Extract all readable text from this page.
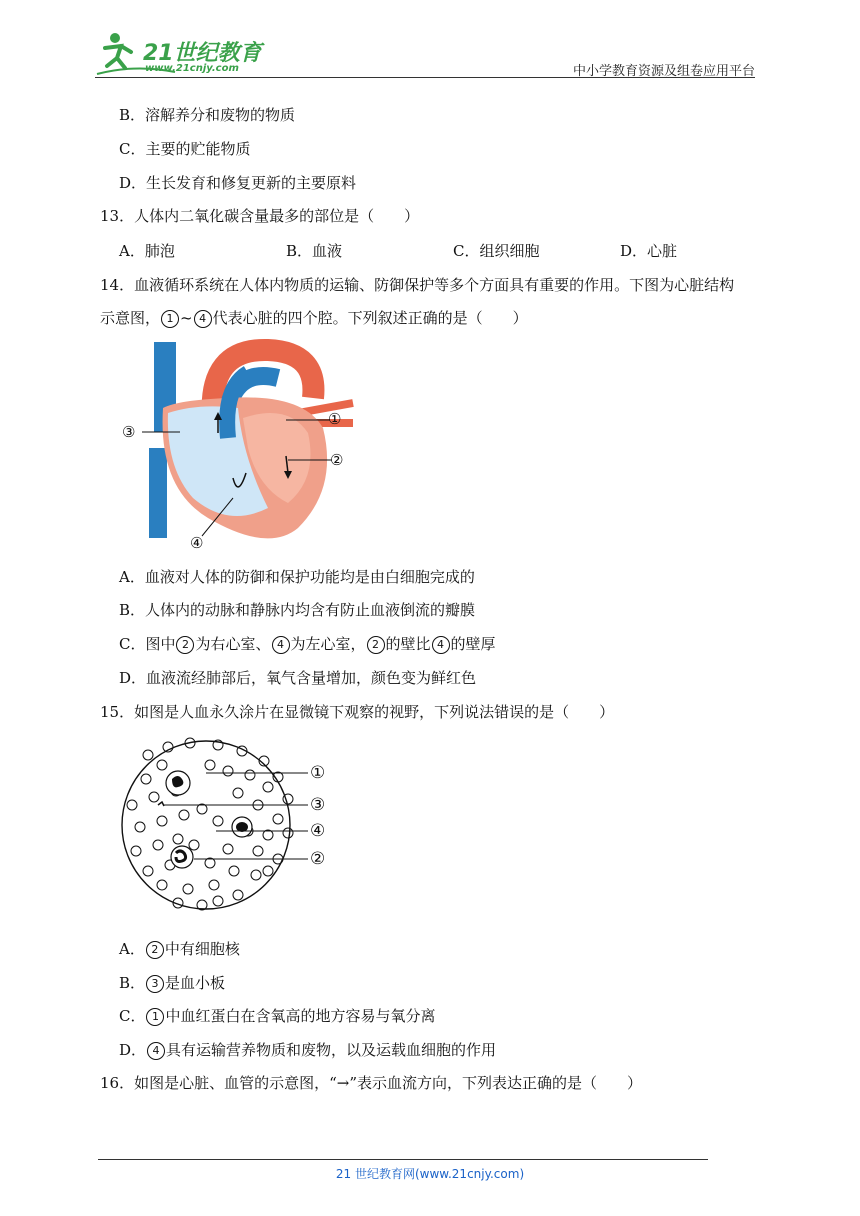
21世纪教育
www.21cnjy.com	中小学教育资源及组卷应用平台
B．溶解养分和废物的物质
C．主要的贮能物质
D．生长发育和修复更新的主要原料
13．人体内二氧化碳含量最多的部位是（　　）
A．肺泡	B．血液	C．组织细胞	D．心脏
14．血液循环系统在人体内物质的运输、防御保护等多个方面具有重要的作用。下图为心脏结构
示意图， 1 ~ 4 代表心脏的四个腔。下列叙述正确的是（　　）
①
②
③
④
A．血液对人体的防御和保护功能均是由白细胞完成的
B．人体内的动脉和静脉内均含有防止血液倒流的瓣膜
C．图中 2 为右心室、 4 为左心室， 2 的壁比 4 的壁厚
D．血液流经肺部后，氧气含量增加，颜色变为鲜红色
15．如图是人血永久涂片在显微镜下观察的视野，下列说法错误的是（　　）
①
③
④
②
A． 2 中有细胞核
B． 3 是血小板
C． 1 中血红蛋白在含氧高的地方容易与氧分离
D． 4 具有运输营养物质和废物，以及运载血细胞的作用
16．如图是心脏、血管的示意图，“→”表示血流方向，下列表达正确的是（　　）
21 世纪教育网(www.21cnjy.com)
